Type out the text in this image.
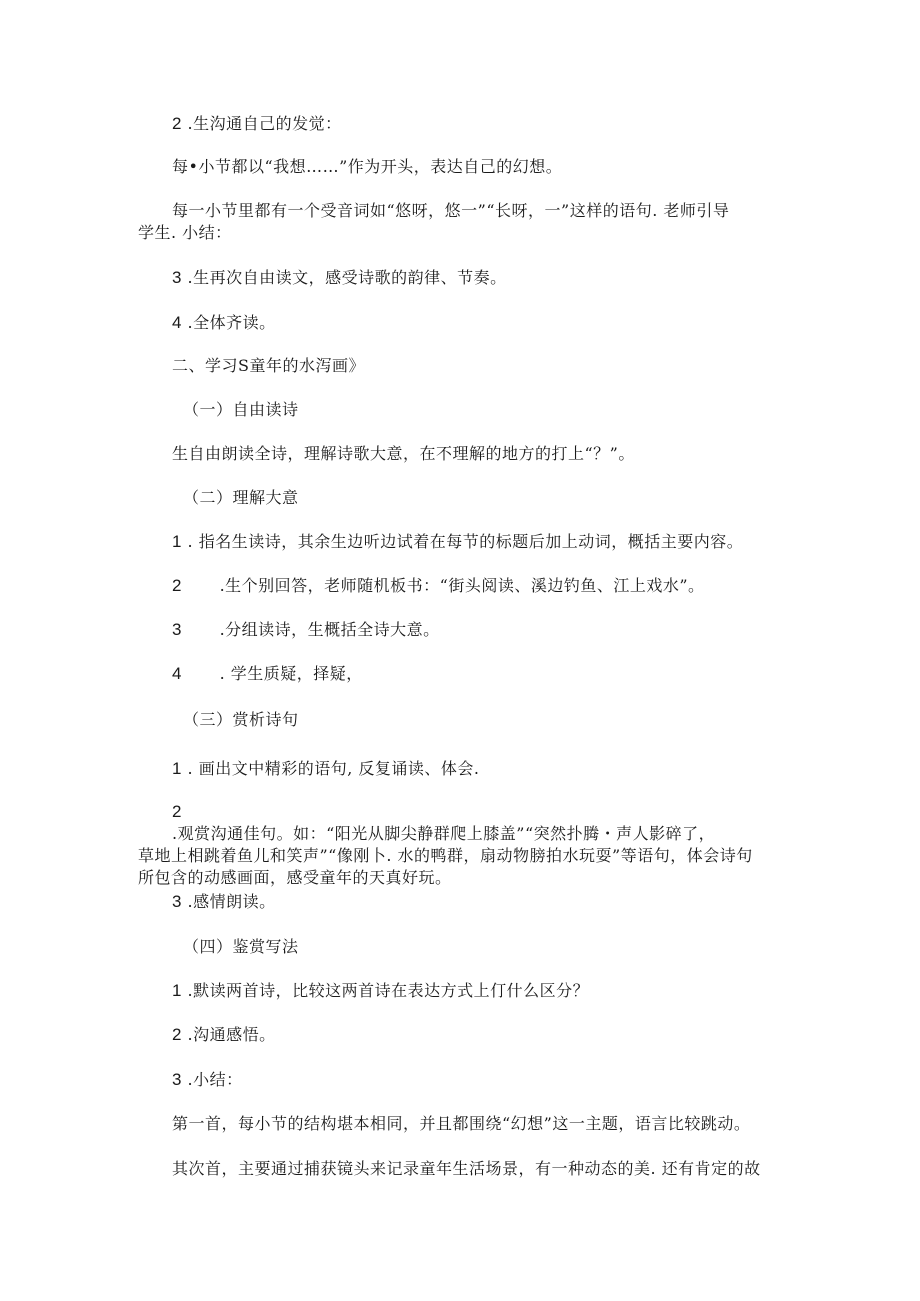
2 .生沟通自己的发觉：
每•小节都以“我想……”作为开头，表达自己的幻想。
每一小节里都有一个受音词如“悠呀，悠一”“长呀，一”这样的语句. 老师引导
学生. 小结：
3 .生再次自由读文，感受诗歌的韵律、节奏。
4 .全体齐读。
二、学习S童年的水泻画》
（一）自由读诗
生自由朗读全诗，理解诗歌大意，在不理解的地方的打上“？”。
（二）理解大意
1 . 指名生读诗，其余生边听边试着在每节的标题后加上动词，概括主要内容。
2 .生个别回答，老师随机板书：“街头阅读、溪边钓鱼、江上戏水”。
3 .分组读诗，生概括全诗大意。
4 . 学生质疑，择疑，
（三）赏析诗句
1 . 画出文中精彩的语句, 反复诵读、体会.
2
.观赏沟通佳句。如：“阳光从脚尖静群爬上膝盖”“突然扑腾・声人影碎了，
草地上相跳着鱼儿和笑声”“像刚卜. 水的鸭群，扇动物膀拍水玩耍”等语句，体会诗句
所包含的动感画面，感受童年的天真好玩。
3 .感情朗读。
（四）鉴赏写法
1 .默读两首诗，比较这两首诗在表达方式上仃什么区分？
2 .沟通感悟。
3 .小结：
第一首，每小节的结构堪本相同，并且都围绕“幻想”这一主题，语言比较跳动。
其次首，主要通过捕获镜头来记录童年生活场景，有一种动态的美. 还有肯定的故
